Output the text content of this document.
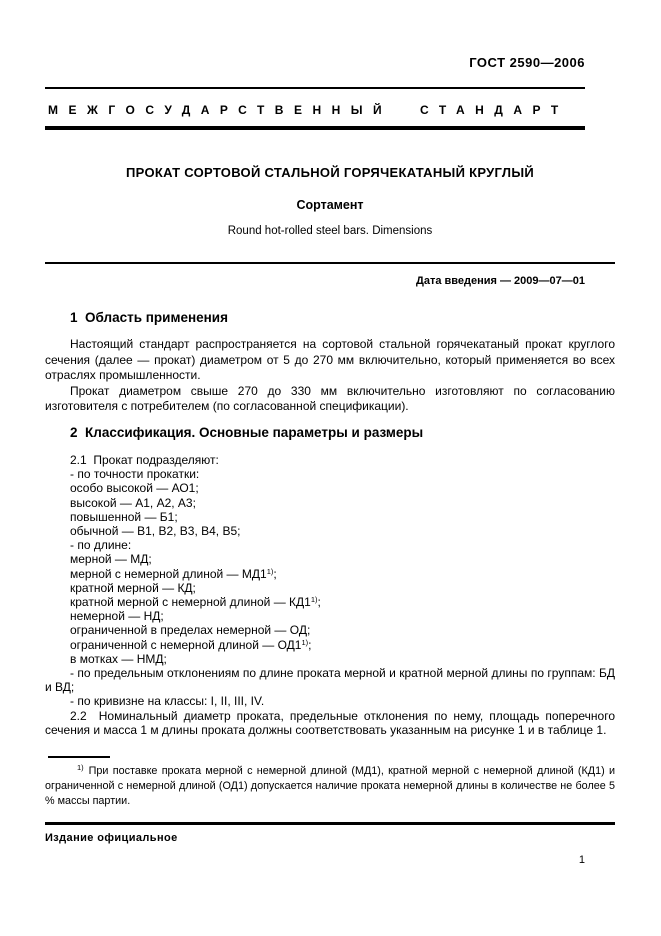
ГОСТ 2590—2006
МЕЖГОСУДАРСТВЕННЫЙ СТАНДАРТ
ПРОКАТ СОРТОВОЙ СТАЛЬНОЙ ГОРЯЧЕКАТАНЫЙ КРУГЛЫЙ
Сортамент
Round hot-rolled steel bars. Dimensions
Дата введения — 2009—07—01
1  Область применения

Настоящий стандарт распространяется на сортовой стальной горячекатаный прокат круглого сечения (далее — прокат) диаметром от 5 до 270 мм включительно, который применяется во всех отраслях промышленности.

Прокат диаметром свыше 270 до 330 мм включительно изготовляют по согласованию изготовителя с потребителем (по согласованной спецификации).

2  Классификация. Основные параметры и размеры

2.1  Прокат подразделяют:

- по точности прокатки:

особо высокой — АО1;

высокой — А1, А2, А3;

повышенной — Б1;

обычной — В1, В2, В3, В4, В5;

- по длине:

мерной — МД;

мерной с немерной длиной — МД1$^{1)}$;

кратной мерной — КД;

кратной мерной с немерной длиной — КД1$^{1)}$;

немерной — НД;

ограниченной в пределах немерной — ОД;

ограниченной с немерной длиной — ОД1$^{1)}$;

в мотках — НМД;

- по предельным отклонениям по длине проката мерной и кратной мерной длины по группам: БД и ВД;

- по кривизне на классы: I, II, III, IV.

2.2  Номинальный диаметр проката, предельные отклонения по нему, площадь поперечного сечения и масса 1 м длины проката должны соответствовать указанным на рисунке 1 и в таблице 1.

$^{1)}$ При поставке проката мерной с немерной длиной (МД1), кратной мерной с немерной длиной (КД1) и ограниченной с немерной длиной (ОД1) допускается наличие проката немерной длины в количестве не более 5 % массы партии.

Издание официальное
1
